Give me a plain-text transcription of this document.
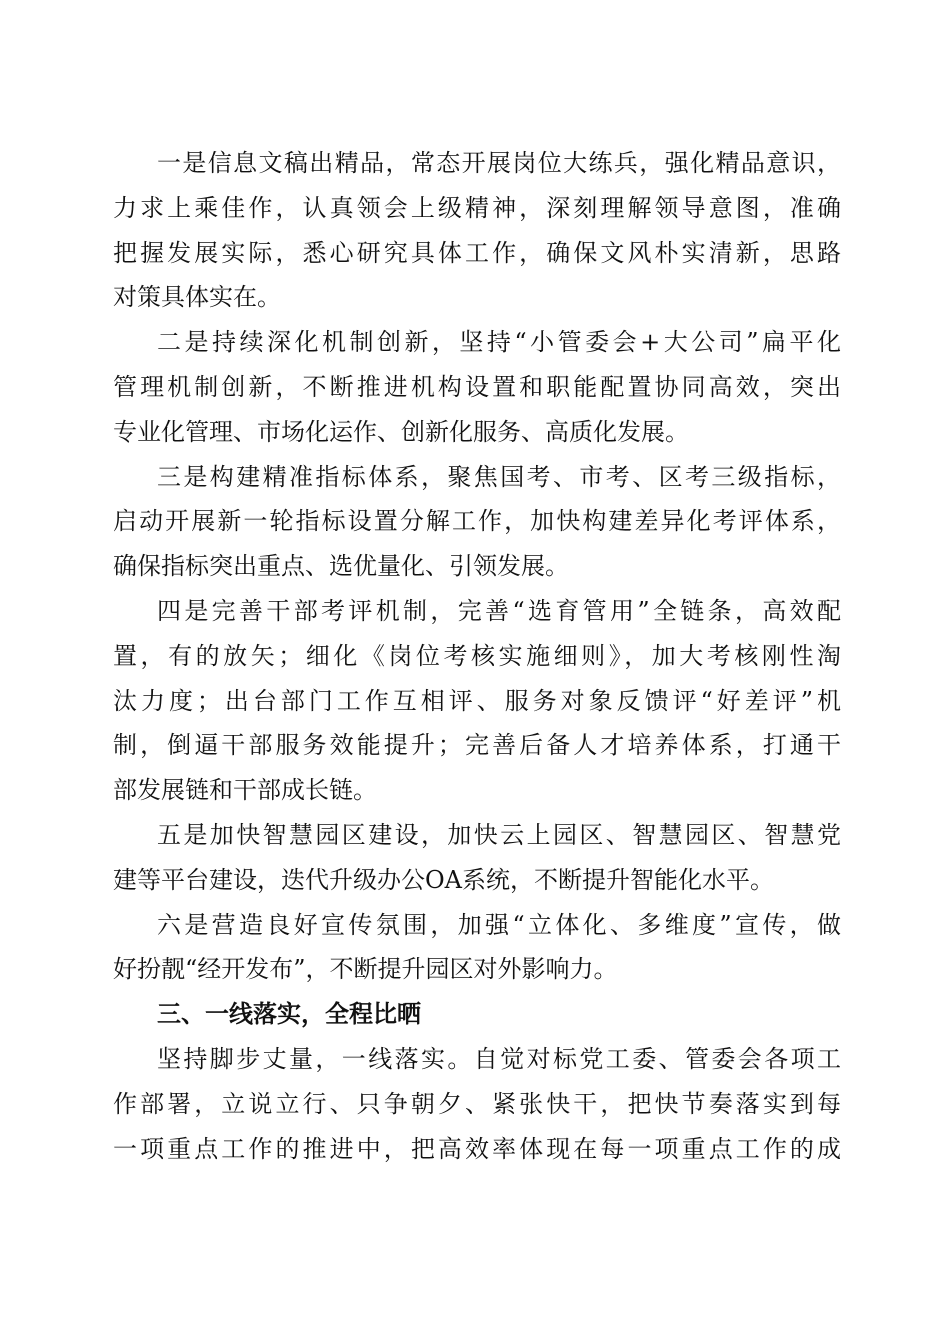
一是信息文稿出精品，常态开展岗位大练兵，强化精品意识，
力求上乘佳作，认真领会上级精神，深刻理解领导意图，准确
把握发展实际，悉心研究具体工作，确保文风朴实清新，思路
对策具体实在。
二是持续深化机制创新，坚持“小管委会+大公司”扁平化
管理机制创新，不断推进机构设置和职能配置协同高效，突出
专业化管理、市场化运作、创新化服务、高质化发展。
三是构建精准指标体系，聚焦国考、市考、区考三级指标，
启动开展新一轮指标设置分解工作，加快构建差异化考评体系，
确保指标突出重点、选优量化、引领发展。
四是完善干部考评机制，完善“选育管用”全链条，高效配
置，有的放矢；细化《岗位考核实施细则》，加大考核刚性淘
汰力度；出台部门工作互相评、服务对象反馈评“好差评”机
制，倒逼干部服务效能提升；完善后备人才培养体系，打通干
部发展链和干部成长链。
五是加快智慧园区建设，加快云上园区、智慧园区、智慧党
建等平台建设，迭代升级办公OA系统，不断提升智能化水平。
六是营造良好宣传氛围，加强“立体化、多维度”宣传，做
好扮靓“经开发布”，不断提升园区对外影响力。
三、一线落实，全程比晒
坚持脚步丈量，一线落实。自觉对标党工委、管委会各项工
作部署，立说立行、只争朝夕、紧张快干，把快节奏落实到每
一项重点工作的推进中，把高效率体现在每一项重点工作的成
